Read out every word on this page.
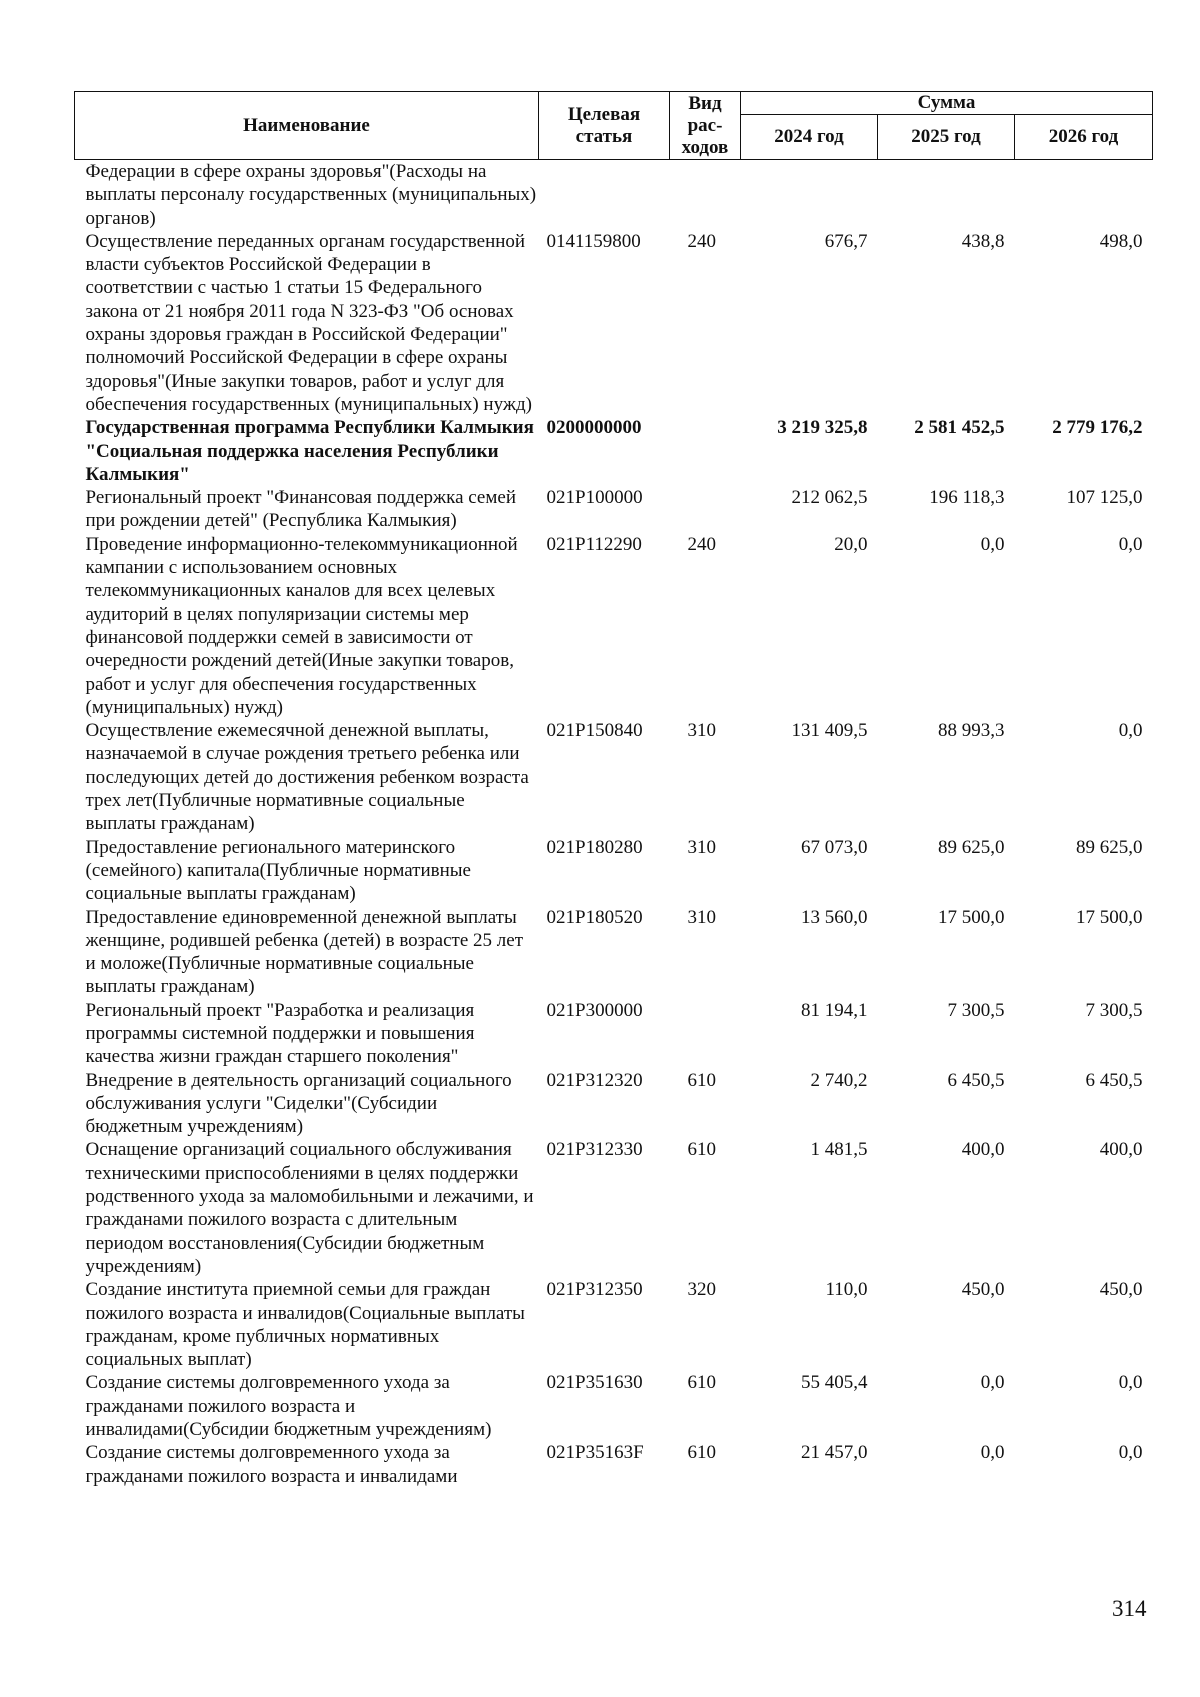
Наименование	Целевая статья	Вид рас-ходов	Сумма		
			2024 год	2025 год	2026 год
Федерации в сфере охраны здоровья"(Расходы на выплаты персоналу государственных (муниципальных) органов)					
Осуществление переданных органам государственной власти субъектов Российской Федерации в соответствии с частью 1 статьи 15 Федерального закона от 21 ноября 2011 года N 323-ФЗ "Об основах охраны здоровья граждан в Российской Федерации" полномочий Российской Федерации в сфере охраны здоровья"(Иные закупки товаров, работ и услуг для обеспечения государственных (муниципальных) нужд)	0141159800	240	676,7	438,8	498,0
Государственная программа Республики Калмыкия "Социальная поддержка населения Республики Калмыкия"	0200000000		3 219 325,8	2 581 452,5	2 779 176,2
Региональный проект "Финансовая поддержка семей при рождении детей" (Республика Калмыкия)	021P100000		212 062,5	196 118,3	107 125,0
Проведение информационно-телекоммуникационной кампании с использованием основных телекоммуникационных каналов для всех целевых аудиторий в целях популяризации системы мер финансовой поддержки семей в зависимости от очередности рождений детей(Иные закупки товаров, работ и услуг для обеспечения государственных (муниципальных) нужд)	021P112290	240	20,0	0,0	0,0
Осуществление ежемесячной денежной выплаты, назначаемой в случае рождения третьего ребенка или последующих детей до достижения ребенком возраста трех лет(Публичные нормативные социальные выплаты гражданам)	021P150840	310	131 409,5	88 993,3	0,0
Предоставление регионального материнского (семейного) капитала(Публичные нормативные социальные выплаты гражданам)	021P180280	310	67 073,0	89 625,0	89 625,0
Предоставление единовременной денежной выплаты женщине, родившей ребенка (детей) в возрасте 25 лет и моложе(Публичные нормативные социальные выплаты гражданам)	021P180520	310	13 560,0	17 500,0	17 500,0
Региональный проект "Разработка и реализация программы системной поддержки и повышения качества жизни граждан старшего поколения"	021P300000		81 194,1	7 300,5	7 300,5
Внедрение в деятельность организаций социального обслуживания услуги "Сиделки"(Субсидии бюджетным учреждениям)	021P312320	610	2 740,2	6 450,5	6 450,5
Оснащение организаций социального обслуживания техническими приспособлениями в целях поддержки родственного ухода за маломобильными и лежачими, и гражданами пожилого возраста с длительным периодом восстановления(Субсидии бюджетным учреждениям)	021P312330	610	1 481,5	400,0	400,0
Создание института приемной семьи для граждан пожилого возраста и инвалидов(Социальные выплаты гражданам, кроме публичных нормативных социальных выплат)	021P312350	320	110,0	450,0	450,0
Создание системы долговременного ухода за гражданами пожилого возраста и инвалидами(Субсидии бюджетным учреждениям)	021P351630	610	55 405,4	0,0	0,0
Создание системы долговременного ухода за гражданами пожилого возраста и инвалидами	021P35163F	610	21 457,0	0,0	0,0
314
